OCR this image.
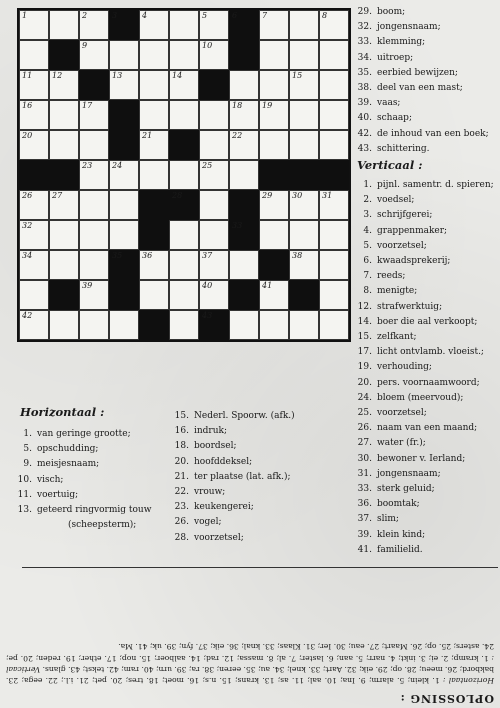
1	2	3	4	5	6	7	8
9	10
11 12	13	14	15
16	17	18 19
20	21	22
23 24	25
26 27	28	29 30 31
32	33
34	35 36	37	38
39	40	41
42	43
29. boom;
32. jongensnaam;
33. klemming;
34. uitroep;
35. eerbied bewijzen;
38. deel van een mast;
39. vaas;
40. schaap;
42. de inhoud van een boek;
43. schittering.
Verticaal :
1. pijnl. samentr. d. spieren;
2. voedsel;
3. schrijfgerei;
4. grappenmaker;
5. voorzetsel;
6. kwaadsprekerij;
7. reeds;
8. menigte;
12. strafwerktuig;
14. boer die aal verkoopt;
15. zelfkant;
17. licht ontvlamb. vloeist.;
19. verhouding;
20. pers. voornaamwoord;
24. bloem (meervoud);
25. voorzetsel;
26. naam van een maand;
27. water (fr.);
30. bewoner v. Ierland;
31. jongensnaam;
33. sterk geluid;
36. boomtak;
37. slim;
39. klein kind;
41. familielid.
Horizontaal :
1. van geringe grootte;
5. opschudding;
9. meisjesnaam;
10. visch;
11. voertuig;
13. geteerd ringvormig touw
(scheepsterm);
15. Nederl. Spoorw. (afk.)
16. indruk;
18. boordsel;
20. hoofddeksel;
21. ter plaatse (lat. afk.);
22. vrouw;
23. keukengerei;
26. vogel;
28. voorzetsel;
OPLOSSING :
Horizontaal : 1. klein; 5. alarm; 9. Ina; 10. aal; 11. as; 13. krans; 15. n.s; 16. moet; 18. tres; 20. pet; 21. i.l.; 22. eega; 23. bakbord; 26. meeu; 28. op; 29. eik; 32. Aart; 33. knel; 34. au; 35. eeren; 38. ra; 39. urn; 40. ram; 42. tekst; 43. glans. Verticaal : 1. kramp; 2. ei; 3. inkt; 4. narr; 5. aan; 6. laster; 7. al; 8. massa; 12. rad; 14. aalboer; 15. nop; 17. ether; 19. reden; 20. pe; 24. asters; 25. op; 26. Maart; 27. eau; 30. Ier; 31. Klaas; 33. knal; 36. eik; 37. fyn; 39. uk; 41. Ma.
